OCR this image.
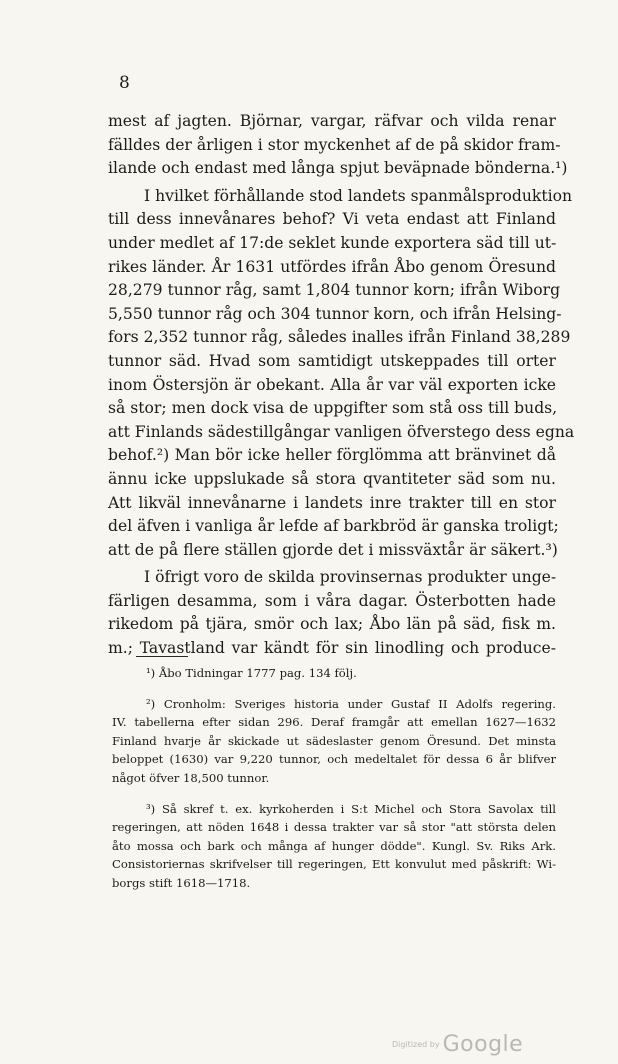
8
mest af jagten. Björnar, vargar, räfvar och vilda renar
fälldes der årligen i stor myckenhet af de på skidor fram-
ilande och endast med långa spjut beväpnade bönderna.¹)
I hvilket förhållande stod landets spanmålsproduktion
till dess innevånares behof? Vi veta endast att Finland
under medlet af 17:de seklet kunde exportera säd till ut-
rikes länder. År 1631 utfördes ifrån Åbo genom Öresund
28,279 tunnor råg, samt 1,804 tunnor korn; ifrån Wiborg
5,550 tunnor råg och 304 tunnor korn, och ifrån Helsing-
fors 2,352 tunnor råg, således inalles ifrån Finland 38,289
tunnor säd. Hvad som samtidigt utskeppades till orter
inom Östersjön är obekant. Alla år var väl exporten icke
så stor; men dock visa de uppgifter som stå oss till buds,
att Finlands sädestillgångar vanligen öfverstego dess egna
behof.²) Man bör icke heller förglömma att bränvinet då
ännu icke uppslukade så stora qvantiteter säd som nu.
Att likväl innevånarne i landets inre trakter till en stor
del äfven i vanliga år lefde af barkbröd är ganska troligt;
att de på flere ställen gjorde det i missväxtår är säkert.³)
I öfrigt voro de skilda provinsernas produkter unge-
färligen desamma, som i våra dagar. Österbotten hade
rikedom på tjära, smör och lax; Åbo län på säd, fisk m.
m.; Tavastland var kändt för sin linodling och produce-
¹) Åbo Tidningar 1777 pag. 134 följ.
²) Cronholm: Sveriges historia under Gustaf II Adolfs regering.
IV. tabellerna efter sidan 296. Deraf framgår att emellan 1627—1632
Finland hvarje år skickade ut sädeslaster genom Öresund. Det minsta
beloppet (1630) var 9,220 tunnor, och medeltalet för dessa 6 år blifver
något öfver 18,500 tunnor.
³) Så skref t. ex. kyrkoherden i S:t Michel och Stora Savolax till
regeringen, att nöden 1648 i dessa trakter var så stor "att största delen
åto mossa och bark och många af hunger dödde". Kungl. Sv. Riks Ark.
Consistoriernas skrifvelser till regeringen, Ett konvulut med påskrift: Wi-
borgs stift 1618—1718.
$^{Digitized by}$ Google
